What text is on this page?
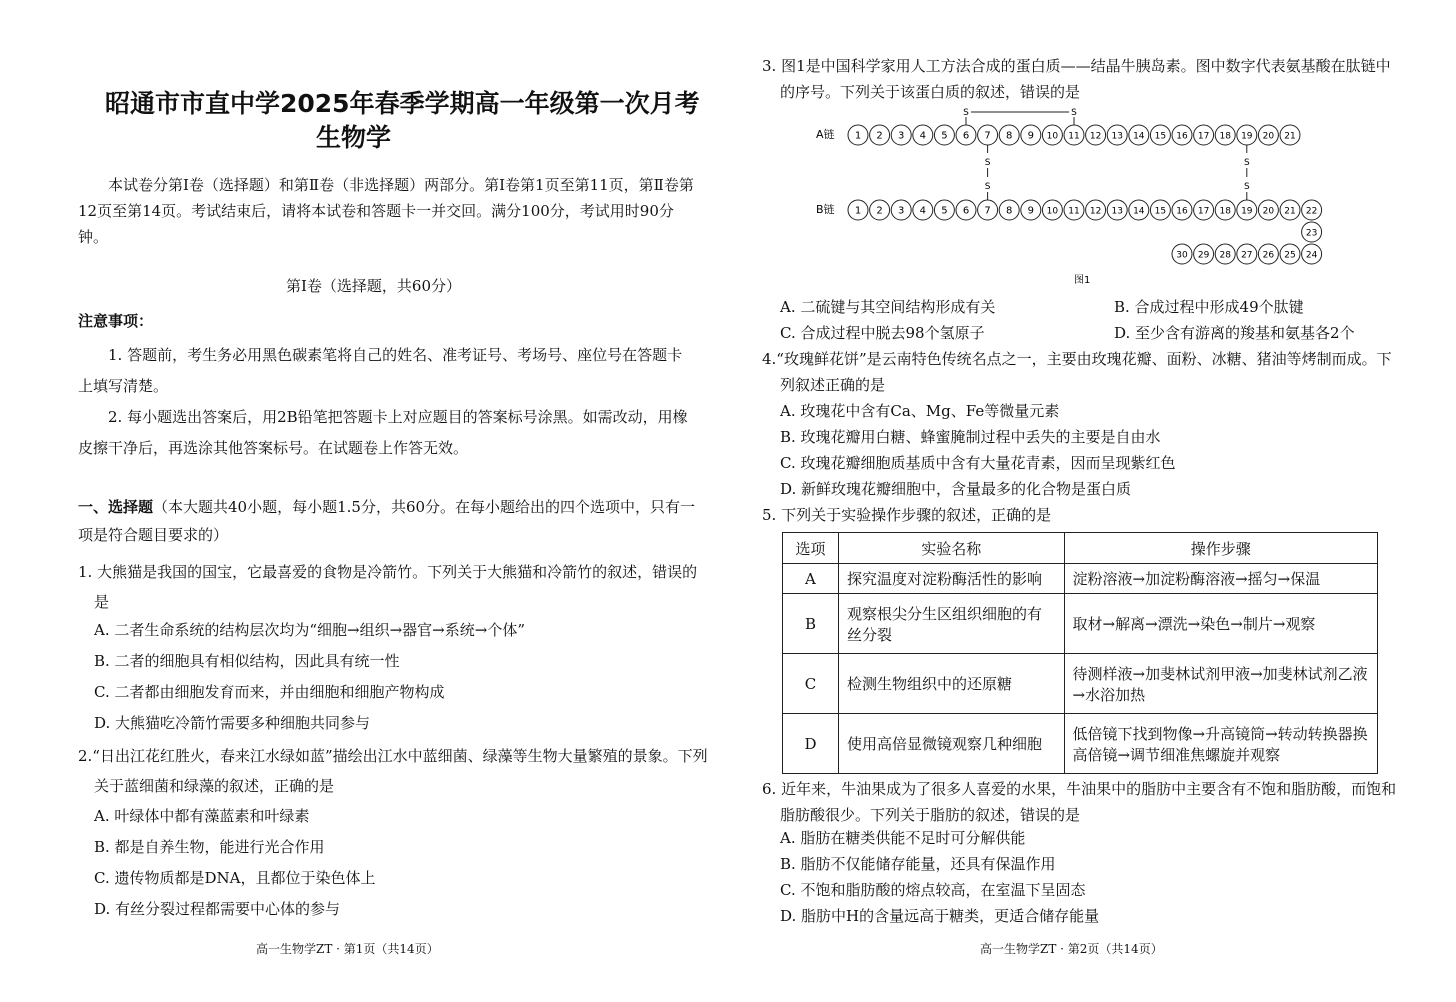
昭通市市直中学2025年春季学期高一年级第一次月考
生物学
本试卷分第Ⅰ卷（选择题）和第Ⅱ卷（非选择题）两部分。第Ⅰ卷第1页至第11页，第Ⅱ卷第12页至第14页。考试结束后，请将本试卷和答题卡一并交回。满分100分，考试用时90分钟。
第Ⅰ卷（选择题，共60分）
注意事项：
1. 答题前，考生务必用黑色碳素笔将自己的姓名、准考证号、考场号、座位号在答题卡上填写清楚。
2. 每小题选出答案后，用2B铅笔把答题卡上对应题目的答案标号涂黑。如需改动，用橡皮擦干净后，再选涂其他答案标号。在试题卷上作答无效。
一、选择题（本大题共40小题，每小题1.5分，共60分。在每小题给出的四个选项中，只有一项是符合题目要求的）
1. 大熊猫是我国的国宝，它最喜爱的食物是冷箭竹。下列关于大熊猫和冷箭竹的叙述，错误的是
A. 二者生命系统的结构层次均为“细胞→组织→器官→系统→个体”
B. 二者的细胞具有相似结构，因此具有统一性
C. 二者都由细胞发育而来，并由细胞和细胞产物构成
D. 大熊猫吃冷箭竹需要多种细胞共同参与
2.“日出江花红胜火，春来江水绿如蓝”描绘出江水中蓝细菌、绿藻等生物大量繁殖的景象。下列关于蓝细菌和绿藻的叙述，正确的是
A. 叶绿体中都有藻蓝素和叶绿素
B. 都是自养生物，能进行光合作用
C. 遗传物质都是DNA，且都位于染色体上
D. 有丝分裂过程都需要中心体的参与
高一生物学ZT · 第1页（共14页）
3. 图1是中国科学家用人工方法合成的蛋白质——结晶牛胰岛素。图中数字代表氨基酸在肽链中的序号。下列关于该蛋白质的叙述，错误的是
A链
B链
S	S
S
S
S
S
1 2 3 4 5 6 7 8 9 10 11 12 13 14 15 16 17 18 19 20 21
1 2 3 4 5 6 7 8 9 10 11 12 13 14 15 16 17 18 19 20 21 22
23
24
25
26
27
28
29
30
图1
A. 二硫键与其空间结构形成有关	B. 合成过程中形成49个肽键
C. 合成过程中脱去98个氢原子	D. 至少含有游离的羧基和氨基各2个
4.“玫瑰鲜花饼”是云南特色传统名点之一，主要由玫瑰花瓣、面粉、冰糖、猪油等烤制而成。下列叙述正确的是
A. 玫瑰花中含有Ca、Mg、Fe等微量元素
B. 玫瑰花瓣用白糖、蜂蜜腌制过程中丢失的主要是自由水
C. 玫瑰花瓣细胞质基质中含有大量花青素，因而呈现紫红色
D. 新鲜玫瑰花瓣细胞中，含量最多的化合物是蛋白质
5. 下列关于实验操作步骤的叙述，正确的是
选项	实验名称	操作步骤
A	探究温度对淀粉酶活性的影响	淀粉溶液→加淀粉酶溶液→摇匀→保温
B	观察根尖分生区组织细胞的有丝分裂	取材→解离→漂洗→染色→制片→观察
C	检测生物组织中的还原糖	待测样液→加斐林试剂甲液→加斐林试剂乙液→水浴加热
D	使用高倍显微镜观察几种细胞	低倍镜下找到物像→升高镜筒→转动转换器换高倍镜→调节细准焦螺旋并观察
6. 近年来，牛油果成为了很多人喜爱的水果，牛油果中的脂肪中主要含有不饱和脂肪酸，而饱和脂肪酸很少。下列关于脂肪的叙述，错误的是
A. 脂肪在糖类供能不足时可分解供能
B. 脂肪不仅能储存能量，还具有保温作用
C. 不饱和脂肪酸的熔点较高，在室温下呈固态
D. 脂肪中H的含量远高于糖类，更适合储存能量
高一生物学ZT · 第2页（共14页）
